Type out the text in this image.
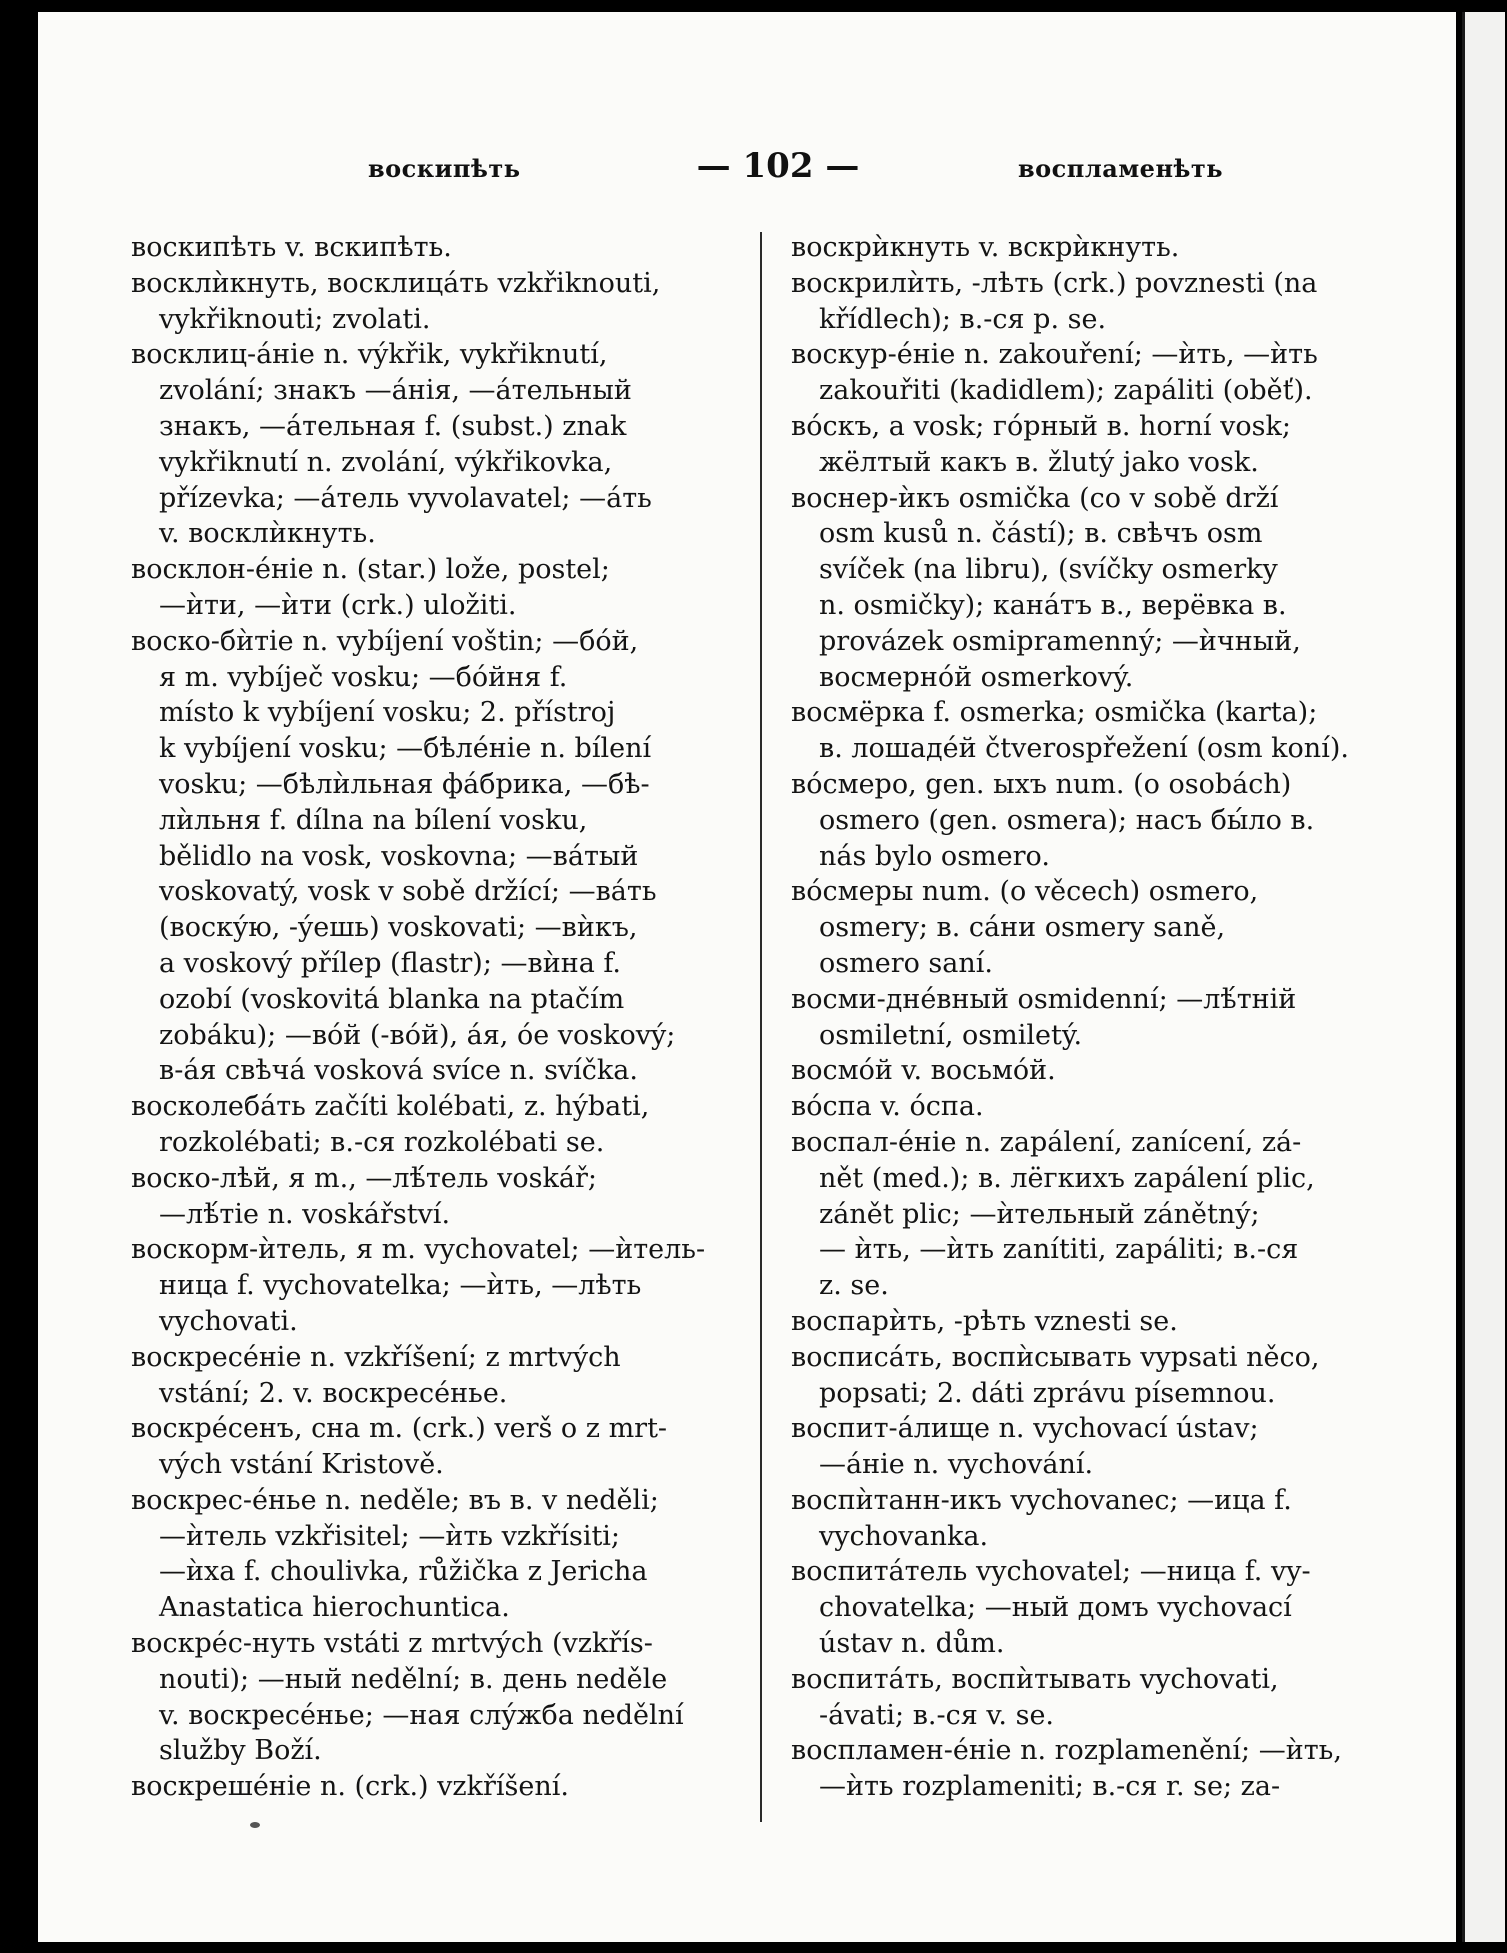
воскипѣть	— 102 —	воспламенѣть
воскипѣть v. вскипѣть.
восклѝкнуть, восклицáть vzkřiknouti,
vykřiknouti; zvolati.
восклиц-áніе n. výkřik, vykřiknutí,
zvolání; знакъ —áнія, —áтельный
знакъ, —áтельная f. (subst.) znak
vykřiknutí n. zvolání, výkřikovka,
přízevka; —áтель vyvolavatel; —áть
v. восклѝкнуть.
восклон-éніе n. (star.) lože, postel;
—ѝти, —ѝти (crk.) uložiti.
воско-бѝтіе n. vybíjení voštin; —бóй,
я m. vybíječ vosku; —бóйня f.
místo k vybíjení vosku; 2. přístroj
k vybíjení vosku; —бѣлéніе n. bílení
vosku; —бѣлѝльная фáбрика, —бѣ-
лѝльня f. dílna na bílení vosku,
bělidlo na vosk, voskovna; —вáтый
voskovatý, vosk v sobě držící; —вáть
(воскýю, -ýешь) voskovati; —вѝкъ,
a voskový přílep (flastr); —вѝна f.
ozobí (voskovitá blanka na ptačím
zobáku); —вóй (-вóй), áя, óе voskový;
в-áя свѣчá vosková svíce n. svíčka.
восколебáть začíti kolébati, z. hýbati,
rozkolébati; в.-ся rozkolébati se.
воско-лѣй, я m., —лѣ́тель voskář;
—лѣ́тіе n. voskářství.
воскорм-ѝтель, я m. vychovatel; —ѝтель-
ница f. vychovatelka; —ѝть, —лѣть
vychovati.
воскресéніе n. vzkříšení; z mrtvých
vstání; 2. v. воскресéнье.
воскрéсенъ, сна m. (crk.) verš o z mrt-
vých vstání Kristově.
воскрес-éнье n. neděle; въ в. v neděli;
—ѝтель vzkřisitel; —ѝть vzkřísiti;
—ѝха f. choulivka, růžička z Jericha
Anastatica hierochuntica.
воскрéс-нуть vstáti z mrtvých (vzkřís-
nouti); —ный nedělní; в. день neděle
v. воскресéнье; —ная слýжба nedělní
služby Boží.
воскрешéніе n. (crk.) vzkříšení.
воскрѝкнуть v. вскрѝкнуть.
воскрилѝть, -лѣть (crk.) povznesti (na
křídlech); в.-ся p. se.
воскур-éніе n. zakouření; —ѝть, —ѝть
zakouřiti (kadidlem); zapáliti (oběť).
вóскъ, a vosk; гóрный в. horní vosk;
жёлтый какъ в. žlutý jako vosk.
воснер-ѝкъ osmička (co v sobě drží
osm kusů n. částí); в. свѣчъ osm
svíček (na libru), (svíčky osmerky
n. osmičky); канáтъ в., верёвка в.
provázek osmipramenný; —ѝчный,
восмернóй osmerkový.
восмёрка f. osmerka; osmička (karta);
в. лошадéй čtverospřežení (osm koní).
вóсмеро, gen. ыхъ num. (o osobách)
osmero (gen. osmera); насъ бы́ло в.
nás bylo osmero.
вóсмеры num. (o věcech) osmero,
osmery; в. сáни osmery saně,
osmero saní.
восми-днéвный osmidenní; —лѣ́тній
osmiletní, osmiletý.
восмóй v. восьмóй.
вóспа v. óспа.
воспал-éніе n. zapálení, zanícení, zá-
nět (med.); в. лёгкихъ zapálení plic,
zánět plic; —ѝтельный zánětný;
— ѝть, —ѝть zanítiti, zapáliti; в.-ся
z. se.
воспарѝть, -рѣть vznesti se.
восписáть, воспѝсывать vypsati něco,
popsati; 2. dáti zprávu písemnou.
воспит-áлище n. vychovací ústav;
—áніе n. vychování.
воспѝтанн-икъ vychovanec; —ица f.
vychovanka.
воспитáтель vychovatel; —ница f. vy-
chovatelka; —ный домъ vychovací
ústav n. dům.
воспитáть, воспѝтывать vychovati,
-ávati; в.-ся v. se.
воспламен-éніе n. rozplamenění; —ѝть,
—ѝть rozplameniti; в.-ся r. se; za-
